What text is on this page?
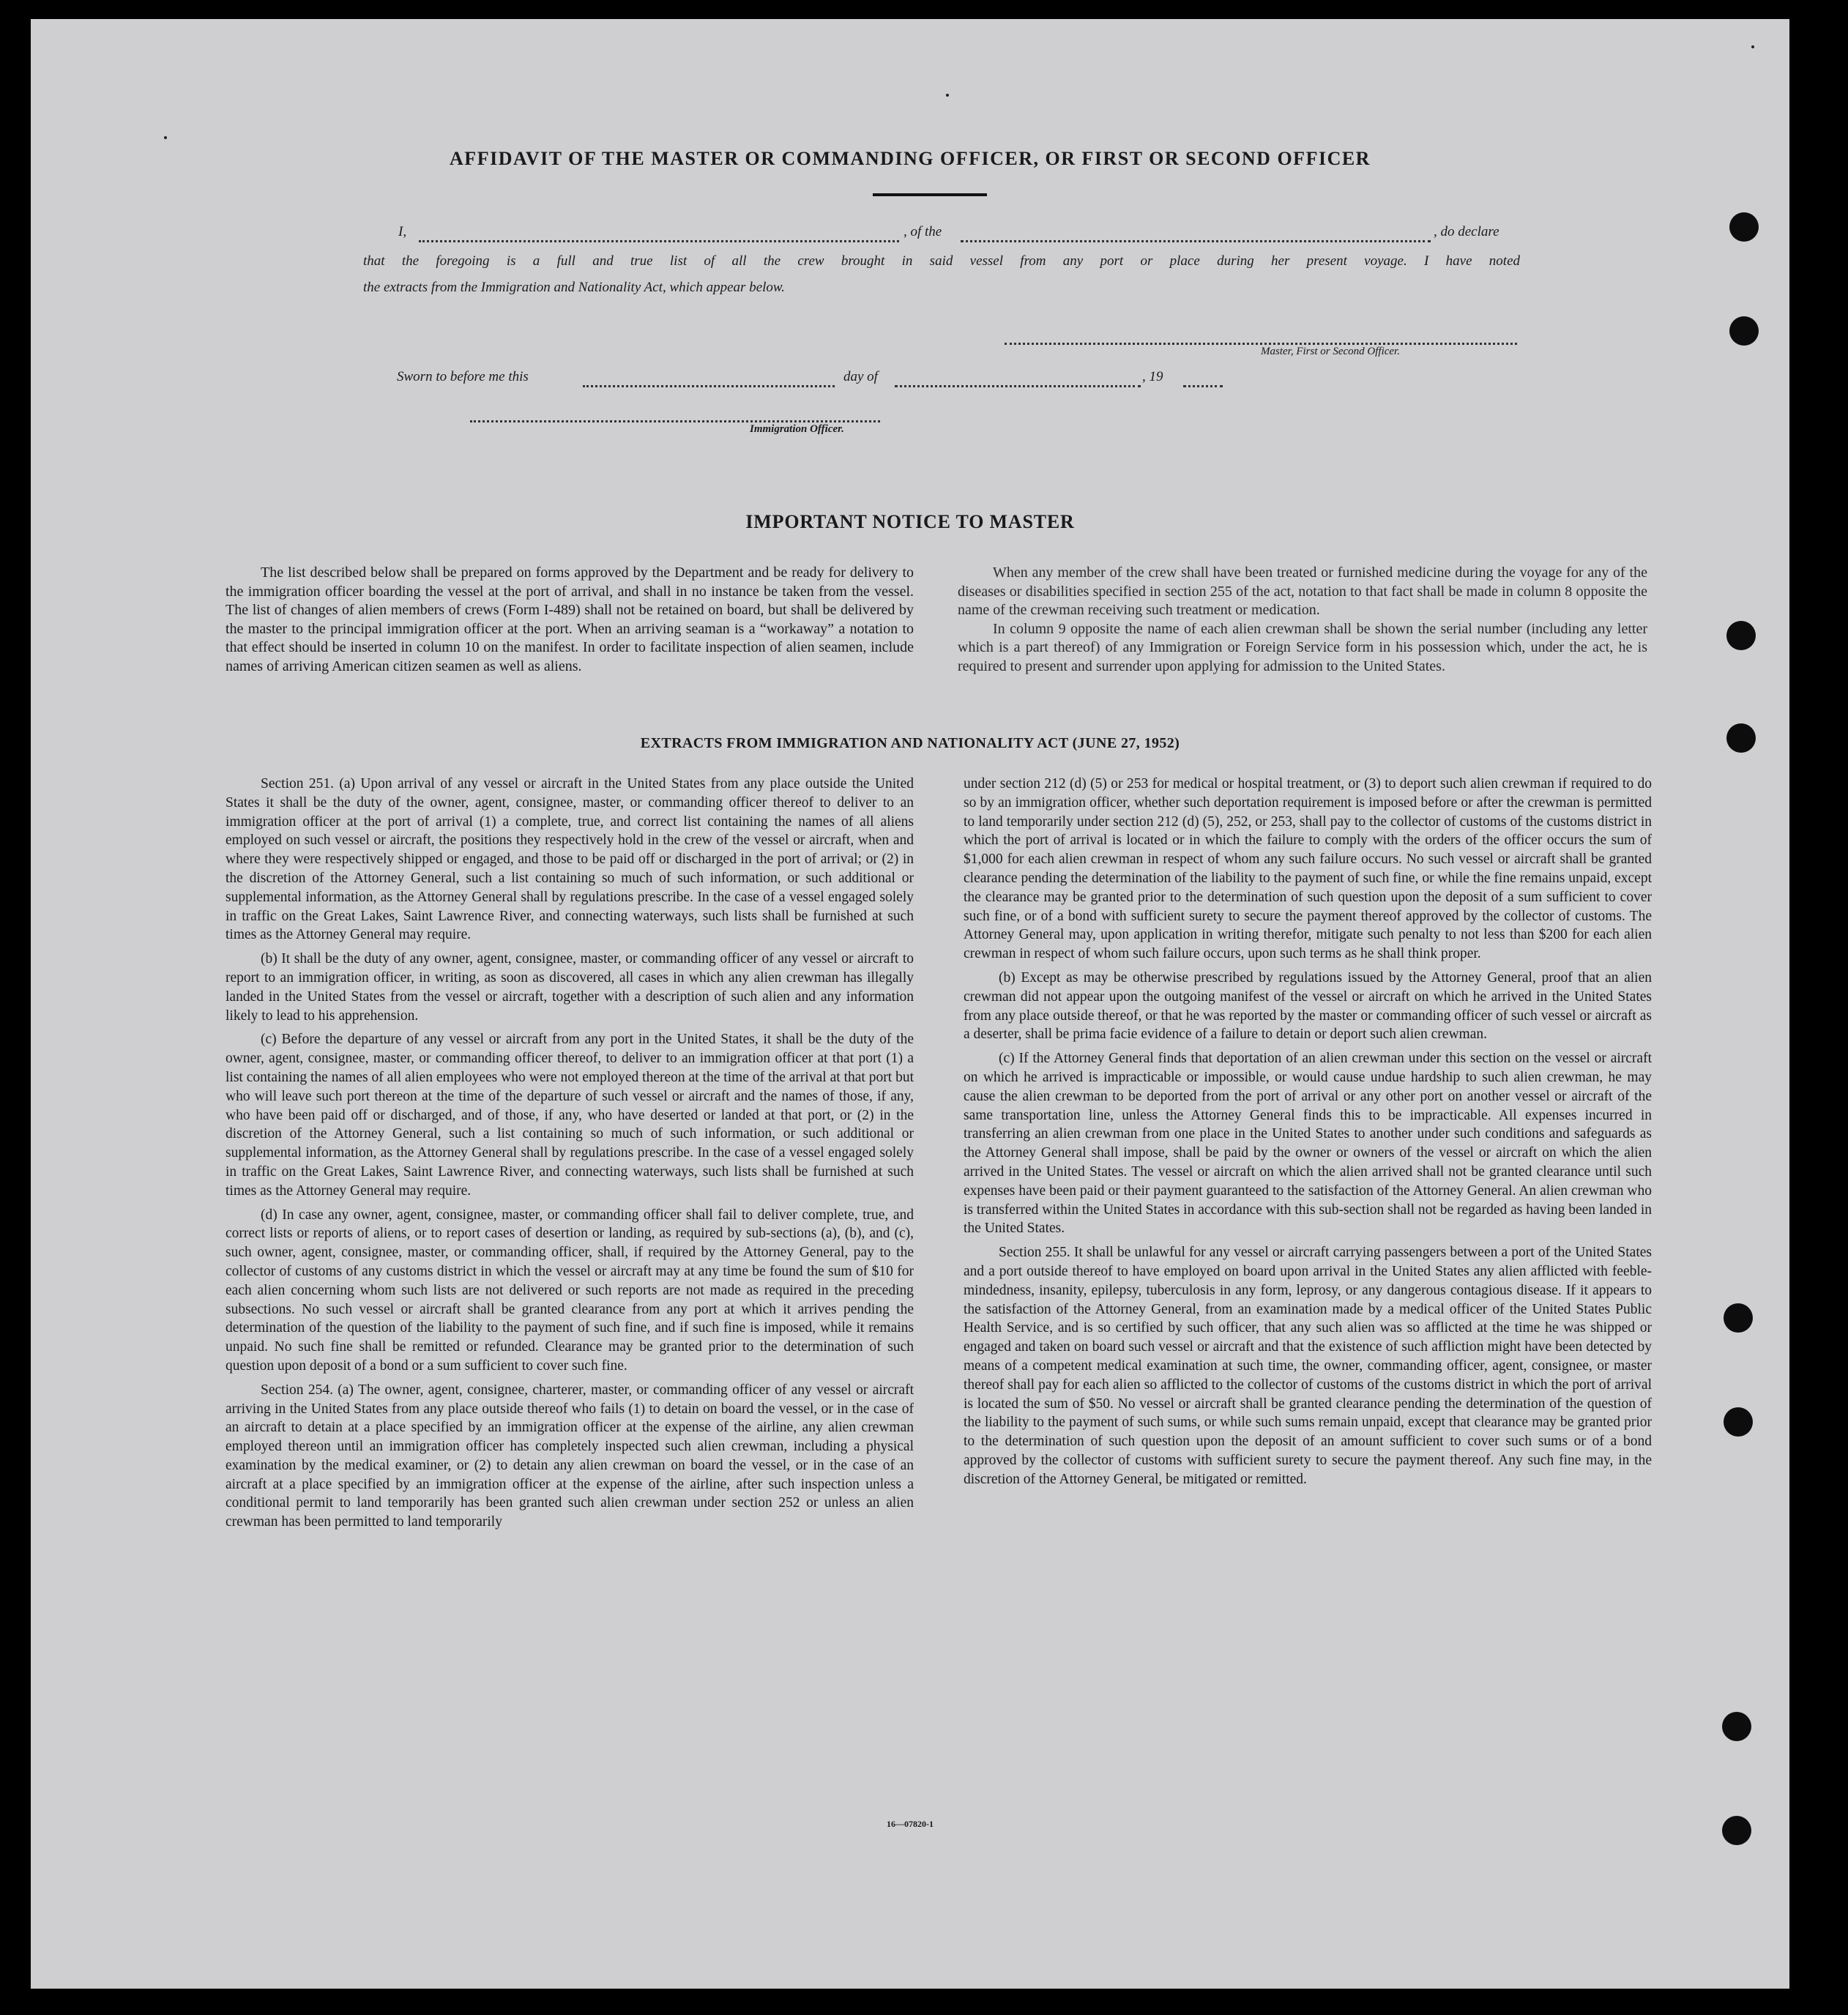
AFFIDAVIT OF THE MASTER OR COMMANDING OFFICER, OR FIRST OR SECOND OFFICER
I,	, of the	, do declare
that the foregoing is a full and true list of all the crew brought in said vessel from any port or place during her present voyage. I have noted
the extracts from the Immigration and Nationality Act, which appear below.
Master, First or Second Officer.
Sworn to before me this	day of	, 19
Immigration Officer.
IMPORTANT NOTICE TO MASTER

The list described below shall be prepared on forms approved by the Department and be ready for delivery to the immigration officer boarding the vessel at the port of arrival, and shall in no instance be taken from the vessel. The list of changes of alien members of crews (Form I-489) shall not be retained on board, but shall be delivered by the master to the principal immigration officer at the port. When an arriving seaman is a “workaway” a notation to that effect should be inserted in column 10 on the manifest. In order to facilitate inspection of alien seamen, include names of arriving American citizen seamen as well as aliens.

When any member of the crew shall have been treated or furnished medicine during the voyage for any of the diseases or disabilities specified in section 255 of the act, notation to that fact shall be made in column 8 opposite the name of the crewman receiving such treatment or medication.

In column 9 opposite the name of each alien crewman shall be shown the serial number (including any letter which is a part thereof) of any Immigration or Foreign Service form in his possession which, under the act, he is required to present and surrender upon applying for admission to the United States.

EXTRACTS FROM IMMIGRATION AND NATIONALITY ACT (JUNE 27, 1952)

Section 251. (a) Upon arrival of any vessel or aircraft in the United States from any place outside the United States it shall be the duty of the owner, agent, consignee, master, or commanding officer thereof to deliver to an immigration officer at the port of arrival (1) a complete, true, and correct list containing the names of all aliens employed on such vessel or aircraft, the positions they respectively hold in the crew of the vessel or aircraft, when and where they were respectively shipped or engaged, and those to be paid off or discharged in the port of arrival; or (2) in the discretion of the Attorney General, such a list containing so much of such information, or such additional or supplemental information, as the Attorney General shall by regulations prescribe. In the case of a vessel engaged solely in traffic on the Great Lakes, Saint Lawrence River, and connecting waterways, such lists shall be furnished at such times as the Attorney General may require.

(b) It shall be the duty of any owner, agent, consignee, master, or commanding officer of any vessel or aircraft to report to an immigration officer, in writing, as soon as discovered, all cases in which any alien crewman has illegally landed in the United States from the vessel or aircraft, together with a description of such alien and any information likely to lead to his apprehension.

(c) Before the departure of any vessel or aircraft from any port in the United States, it shall be the duty of the owner, agent, consignee, master, or commanding officer thereof, to deliver to an immigration officer at that port (1) a list containing the names of all alien employees who were not employed thereon at the time of the arrival at that port but who will leave such port thereon at the time of the departure of such vessel or aircraft and the names of those, if any, who have been paid off or discharged, and of those, if any, who have deserted or landed at that port, or (2) in the discretion of the Attorney General, such a list containing so much of such information, or such additional or supplemental information, as the Attorney General shall by regulations prescribe. In the case of a vessel engaged solely in traffic on the Great Lakes, Saint Lawrence River, and connecting waterways, such lists shall be furnished at such times as the Attorney General may require.

(d) In case any owner, agent, consignee, master, or commanding officer shall fail to deliver complete, true, and correct lists or reports of aliens, or to report cases of desertion or landing, as required by sub-sections (a), (b), and (c), such owner, agent, consignee, master, or commanding officer, shall, if required by the Attorney General, pay to the collector of customs of any customs district in which the vessel or aircraft may at any time be found the sum of $10 for each alien concerning whom such lists are not delivered or such reports are not made as required in the preceding subsections. No such vessel or aircraft shall be granted clearance from any port at which it arrives pending the determination of the question of the liability to the payment of such fine, and if such fine is imposed, while it remains unpaid. No such fine shall be remitted or refunded. Clearance may be granted prior to the determination of such question upon deposit of a bond or a sum sufficient to cover such fine.

Section 254. (a) The owner, agent, consignee, charterer, master, or commanding officer of any vessel or aircraft arriving in the United States from any place outside thereof who fails (1) to detain on board the vessel, or in the case of an aircraft to detain at a place specified by an immigration officer at the expense of the airline, any alien crewman employed thereon until an immigration officer has completely inspected such alien crewman, including a physical examination by the medical examiner, or (2) to detain any alien crewman on board the vessel, or in the case of an aircraft at a place specified by an immigration officer at the expense of the airline, after such inspection unless a conditional permit to land temporarily has been granted such alien crewman under section 252 or unless an alien crewman has been permitted to land temporarily

under section 212 (d) (5) or 253 for medical or hospital treatment, or (3) to deport such alien crewman if required to do so by an immigration officer, whether such deportation requirement is imposed before or after the crewman is permitted to land temporarily under section 212 (d) (5), 252, or 253, shall pay to the collector of customs of the customs district in which the port of arrival is located or in which the failure to comply with the orders of the officer occurs the sum of $1,000 for each alien crewman in respect of whom any such failure occurs. No such vessel or aircraft shall be granted clearance pending the determination of the liability to the payment of such fine, or while the fine remains unpaid, except the clearance may be granted prior to the determination of such question upon the deposit of a sum sufficient to cover such fine, or of a bond with sufficient surety to secure the payment thereof approved by the collector of customs. The Attorney General may, upon application in writing therefor, mitigate such penalty to not less than $200 for each alien crewman in respect of whom such failure occurs, upon such terms as he shall think proper.

(b) Except as may be otherwise prescribed by regulations issued by the Attorney General, proof that an alien crewman did not appear upon the outgoing manifest of the vessel or aircraft on which he arrived in the United States from any place outside thereof, or that he was reported by the master or commanding officer of such vessel or aircraft as a deserter, shall be prima facie evidence of a failure to detain or deport such alien crewman.

(c) If the Attorney General finds that deportation of an alien crewman under this section on the vessel or aircraft on which he arrived is impracticable or impossible, or would cause undue hardship to such alien crewman, he may cause the alien crewman to be deported from the port of arrival or any other port on another vessel or aircraft of the same transportation line, unless the Attorney General finds this to be impracticable. All expenses incurred in transferring an alien crewman from one place in the United States to another under such conditions and safeguards as the Attorney General shall impose, shall be paid by the owner or owners of the vessel or aircraft on which the alien arrived in the United States. The vessel or aircraft on which the alien arrived shall not be granted clearance until such expenses have been paid or their payment guaranteed to the satisfaction of the Attorney General. An alien crewman who is transferred within the United States in accordance with this sub-section shall not be regarded as having been landed in the United States.

Section 255. It shall be unlawful for any vessel or aircraft carrying passengers between a port of the United States and a port outside thereof to have employed on board upon arrival in the United States any alien afflicted with feeble-mindedness, insanity, epilepsy, tuberculosis in any form, leprosy, or any dangerous contagious disease. If it appears to the satisfaction of the Attorney General, from an examination made by a medical officer of the United States Public Health Service, and is so certified by such officer, that any such alien was so afflicted at the time he was shipped or engaged and taken on board such vessel or aircraft and that the existence of such affliction might have been detected by means of a competent medical examination at such time, the owner, commanding officer, agent, consignee, or master thereof shall pay for each alien so afflicted to the collector of customs of the customs district in which the port of arrival is located the sum of $50. No vessel or aircraft shall be granted clearance pending the determination of the question of the liability to the payment of such sums, or while such sums remain unpaid, except that clearance may be granted prior to the determination of such question upon the deposit of an amount sufficient to cover such sums or of a bond approved by the collector of customs with sufficient surety to secure the payment thereof. Any such fine may, in the discretion of the Attorney General, be mitigated or remitted.

16—07820-1
